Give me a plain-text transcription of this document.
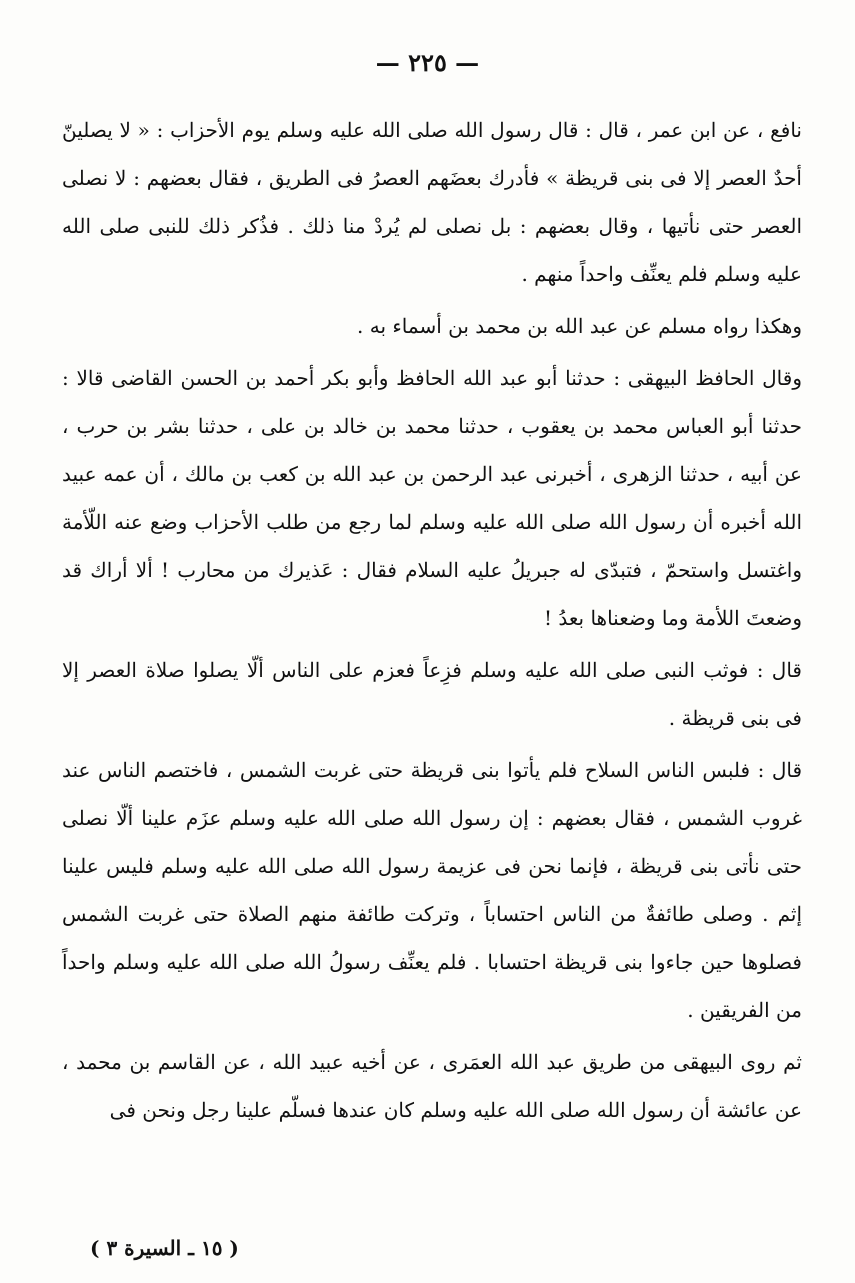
— ٢٢٥ —

نافع ، عن ابن عمر ، قال : قال رسول الله صلى الله عليه وسلم يوم الأحزاب : « لا يصلينّ أحدٌ العصر إلا فى بنى قريظة » فأدرك بعضَهم العصرُ فى الطريق ، فقال بعضهم : لا نصلى العصر حتى نأتيها ، وقال بعضهم : بل نصلى لم يُردْ منا ذلك . فذُكر ذلك للنبى صلى الله عليه وسلم فلم يعنِّف واحداً منهم .

وهكذا رواه مسلم عن عبد الله بن محمد بن أسماء به .

وقال الحافظ البيهقى : حدثنا أبو عبد الله الحافظ وأبو بكر أحمد بن الحسن القاضى قالا : حدثنا أبو العباس محمد بن يعقوب ، حدثنا محمد بن خالد بن على ، حدثنا بشر بن حرب ، عن أبيه ، حدثنا الزهرى ، أخبرنى عبد الرحمن بن عبد الله بن كعب بن مالك ، أن عمه عبيد الله أخبره أن رسول الله صلى الله عليه وسلم لما رجع من طلب الأحزاب وضع عنه اللّأمة واغتسل واستحمّ ، فتبدّى له جبريلُ عليه السلام فقال : عَذيرك من محارب ! ألا أراك قد وضعتَ اللأمة وما وضعناها بعدُ !

قال : فوثب النبى صلى الله عليه وسلم فزِعاً فعزم على الناس ألّا يصلوا صلاة العصر إلا فى بنى قريظة .

قال : فلبس الناس السلاح فلم يأتوا بنى قريظة حتى غربت الشمس ، فاختصم الناس عند غروب الشمس ، فقال بعضهم : إن رسول الله صلى الله عليه وسلم عزَم علينا ألّا نصلى حتى نأتى بنى قريظة ، فإنما نحن فى عزيمة رسول الله صلى الله عليه وسلم فليس علينا إثم . وصلى طائفةٌ من الناس احتساباً ، وتركت طائفة منهم الصلاة حتى غربت الشمس فصلوها حين جاءوا بنى قريظة احتسابا . فلم يعنِّف رسولُ الله صلى الله عليه وسلم واحداً من الفريقين .

ثم روى البيهقى من طريق عبد الله العمَرى ، عن أخيه عبيد الله ، عن القاسم بن محمد ، عن عائشة أن رسول الله صلى الله عليه وسلم كان عندها فسلّم علينا رجل ونحن فى

( ١٥ ـ السيرة ٣ )
